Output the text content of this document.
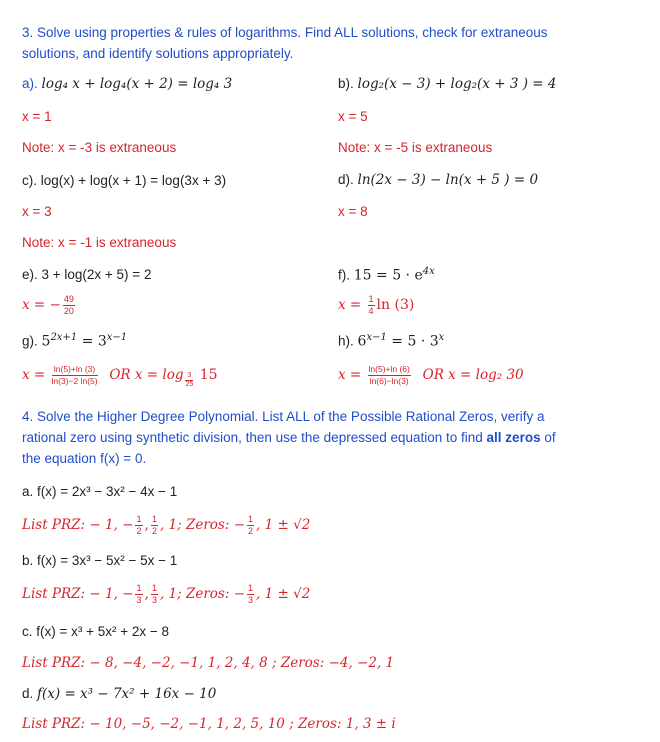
3. Solve using properties & rules of logarithms. Find ALL solutions, check for extraneous
solutions, and identify solutions appropriately.
a). log₄ x + log₄(x + 2) = log₄ 3	b). log₂(x − 3) + log₂(x + 3 ) = 4
x = 1	x = 5
Note: x = -3 is extraneous	Note: x = -5 is extraneous
c). log(x) + log(x + 1) = log(3x + 3)	d). ln(2x − 3) − ln(x + 5 ) = 0
x = 3	x = 8
Note: x = -1 is extraneous
e). 3 + log(2x + 5) = 2	f). $15 = 5 \cdot e^{4x}$
x = − $\frac{49}{20}$	$x = \frac{1}{4}$ ln (3)
g). $5^{2x+1} = 3^{x-1}$	h). $6^{x-1} = 5 \cdot 3^x$
$x = \frac{\ln(5)+\ln (3)}{\ln(3)-2 \ln(5)}$ OR $x = \log \frac{3}{25} 15$	$x = \frac{\ln(5)+\ln (6)}{\ln(6)-\ln(3)}$ OR x = log₂ 30
4. Solve the Higher Degree Polynomial. List ALL of the Possible Rational Zeros, verify a
rational zero using synthetic division, then use the depressed equation to find all zeros of
the equation f(x) = 0.
a. f(x) = 2x³ − 3x² − 4x − 1
List PRZ: − 1, − $\frac{1}{2}$ , $\frac{1}{2}$ , 1; Zeros: − $\frac{1}{2}$ , 1 ± √2
b. f(x) = 3x³ − 5x² − 5x − 1
List PRZ: − 1, − $\frac{1}{3}$ , $\frac{1}{3}$ , 1; Zeros: − $\frac{1}{3}$ , 1 ± √2
c. f(x) = x³ + 5x² + 2x − 8
List PRZ: − 8, −4, −2, −1, 1, 2, 4, 8 ; Zeros: −4, −2, 1
d. f(x) = x³ − 7x² + 16x − 10
List PRZ: − 10, −5, −2, −1, 1, 2, 5, 10 ; Zeros: 1, 3 ± i
